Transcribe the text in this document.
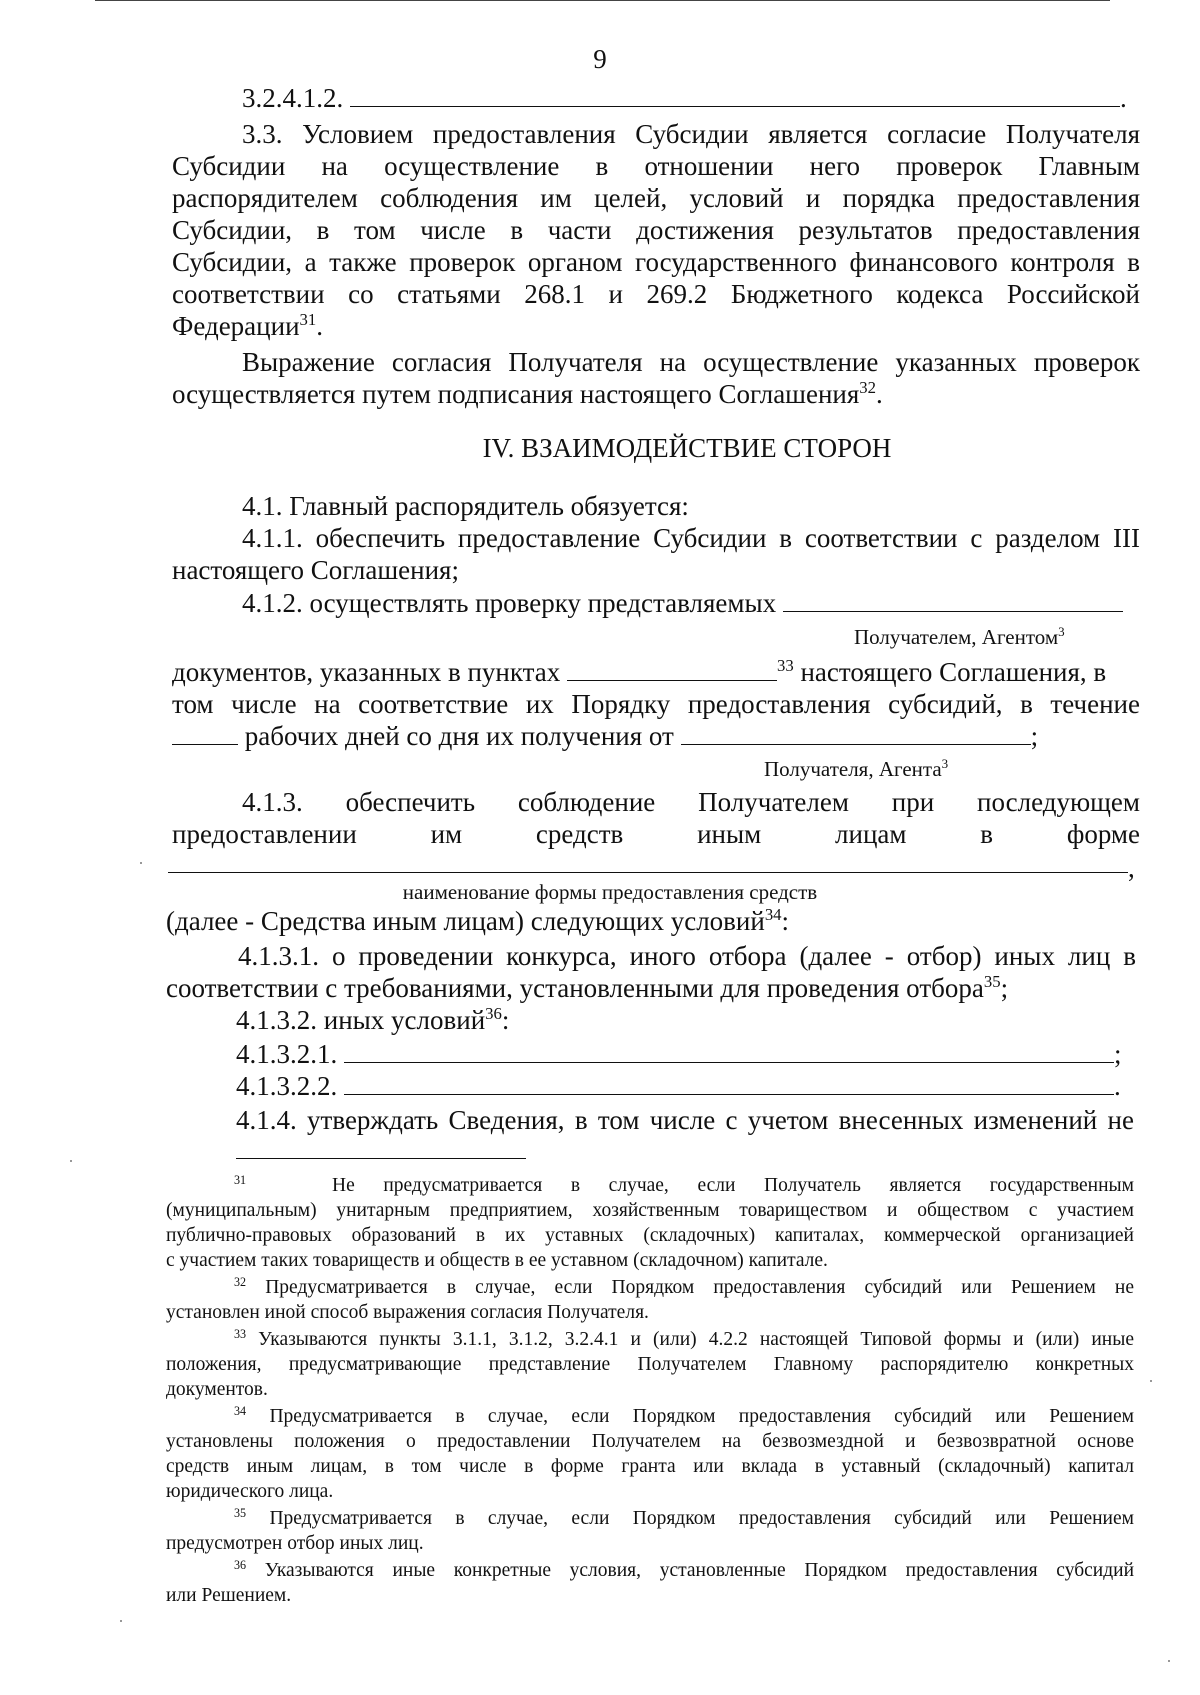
9
3.2.4.1.2.	.
3.3. Условием предоставления Субсидии является согласие Получателя
Субсидии на осуществление в отношении него проверок Главным
распорядителем соблюдения им целей, условий и порядка предоставления
Субсидии, в том числе в части достижения результатов предоставления
Субсидии, а также проверок органом государственного финансового контроля в
соответствии со статьями 268.1 и 269.2 Бюджетного кодекса Российской
Федерации$^{31}$.
Выражение согласия Получателя на осуществление указанных проверок
осуществляется путем подписания настоящего Соглашения$^{32}$.
IV. ВЗАИМОДЕЙСТВИЕ СТОРОН
4.1. Главный распорядитель обязуется:
4.1.1. обеспечить предоставление Субсидии в соответствии с разделом III
настоящего Соглашения;
4.1.2. осуществлять проверку представляемых
Получателем, Агентом$^3$
документов, указанных в пунктах	$^{33}$ настоящего Соглашения, в
том числе на соответствие их Порядку предоставления субсидий, в течение
рабочих дней со дня их получения от	;
Получателя, Агента$^3$
4.1.3. обеспечить соблюдение Получателем при последующем
предоставлении им средств иным лицам в форме
,
наименование формы предоставления средств
(далее - Средства иным лицам) следующих условий$^{34}$:
4.1.3.1. о проведении конкурса, иного отбора (далее - отбор) иных лиц в
соответствии с требованиями, установленными для проведения отбора$^{35}$;
4.1.3.2. иных условий$^{36}$:
4.1.3.2.1.	;
4.1.3.2.2.	.
4.1.4. утверждать Сведения, в том числе с учетом внесенных изменений не
$^{31}$	Не предусматривается в случае, если Получатель является государственным
(муниципальным) унитарным предприятием, хозяйственным товариществом и обществом с участием
публично-правовых образований в их уставных (складочных) капиталах, коммерческой организацией
с участием таких товариществ и обществ в ее уставном (складочном) капитале.
$^{32}$ Предусматривается в случае, если Порядком предоставления субсидий или Решением не
установлен иной способ выражения согласия Получателя.
$^{33}$ Указываются пункты 3.1.1, 3.1.2, 3.2.4.1 и (или) 4.2.2 настоящей Типовой формы и (или) иные
положения, предусматривающие представление Получателем Главному распорядителю конкретных
документов.
$^{34}$ Предусматривается в случае, если Порядком предоставления субсидий или Решением
установлены положения о предоставлении Получателем на безвозмездной и безвозвратной основе
средств иным лицам, в том числе в форме гранта или вклада в уставный (складочный) капитал
юридического лица.
$^{35}$ Предусматривается в случае, если Порядком предоставления субсидий или Решением
предусмотрен отбор иных лиц.
$^{36}$ Указываются иные конкретные условия, установленные Порядком предоставления субсидий
или Решением.
